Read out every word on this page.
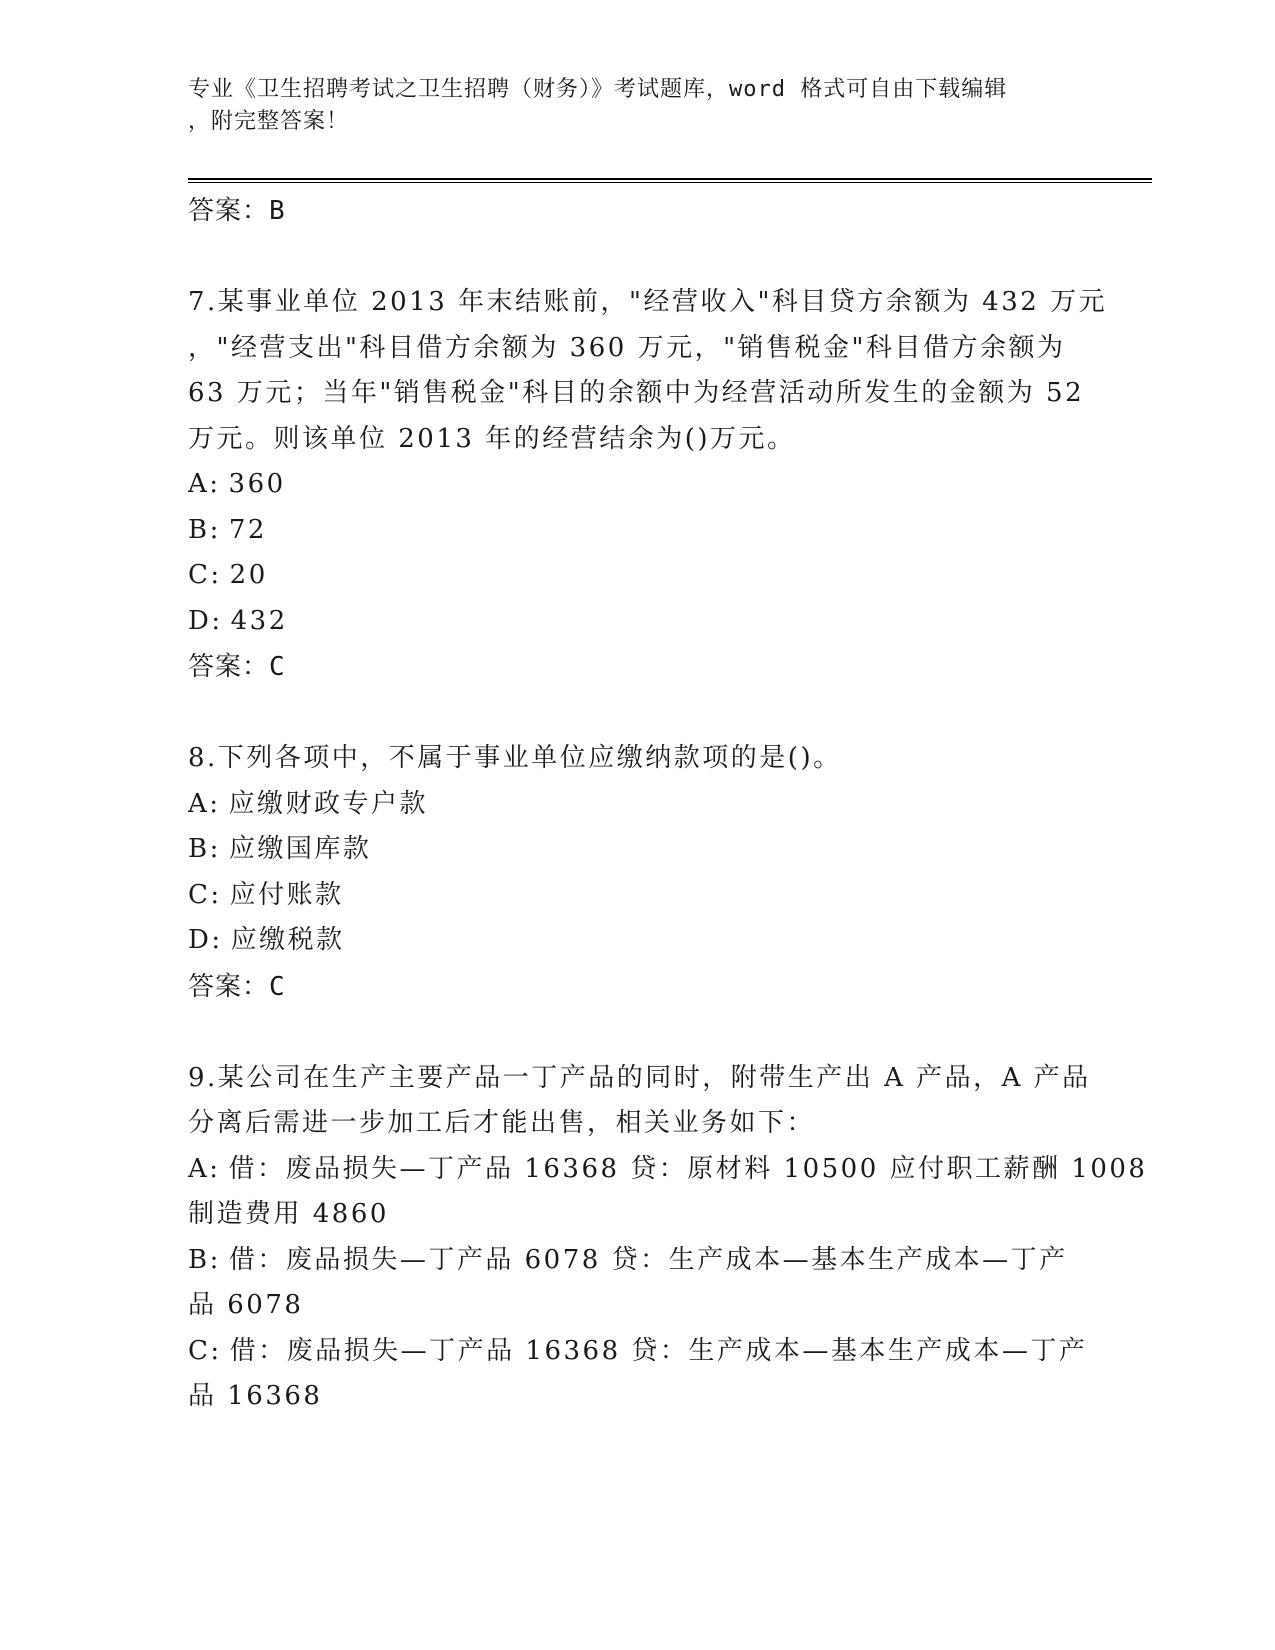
专业《卫生招聘考试之卫生招聘（财务）》考试题库，word 格式可自由下载编辑
，附完整答案！
答案：B
7.某事业单位 2013 年末结账前，"经营收入"科目贷方余额为 432 万元
，"经营支出"科目借方余额为 360 万元，"销售税金"科目借方余额为
63 万元；当年"销售税金"科目的余额中为经营活动所发生的金额为 52
万元。则该单位 2013 年的经营结余为()万元。
A: 360
B: 72
C: 20
D: 432
答案：C
8.下列各项中，不属于事业单位应缴纳款项的是()。
A: 应缴财政专户款
B: 应缴国库款
C: 应付账款
D: 应缴税款
答案：C
9.某公司在生产主要产品一丁产品的同时，附带生产出 A 产品，A 产品
分离后需进一步加工后才能出售，相关业务如下：
A: 借：废品损失—丁产品 16368 贷：原材料 10500 应付职工薪酬 1008
制造费用 4860
B: 借：废品损失—丁产品 6078 贷：生产成本—基本生产成本—丁产
品 6078
C: 借：废品损失—丁产品 16368 贷：生产成本—基本生产成本—丁产
品 16368
